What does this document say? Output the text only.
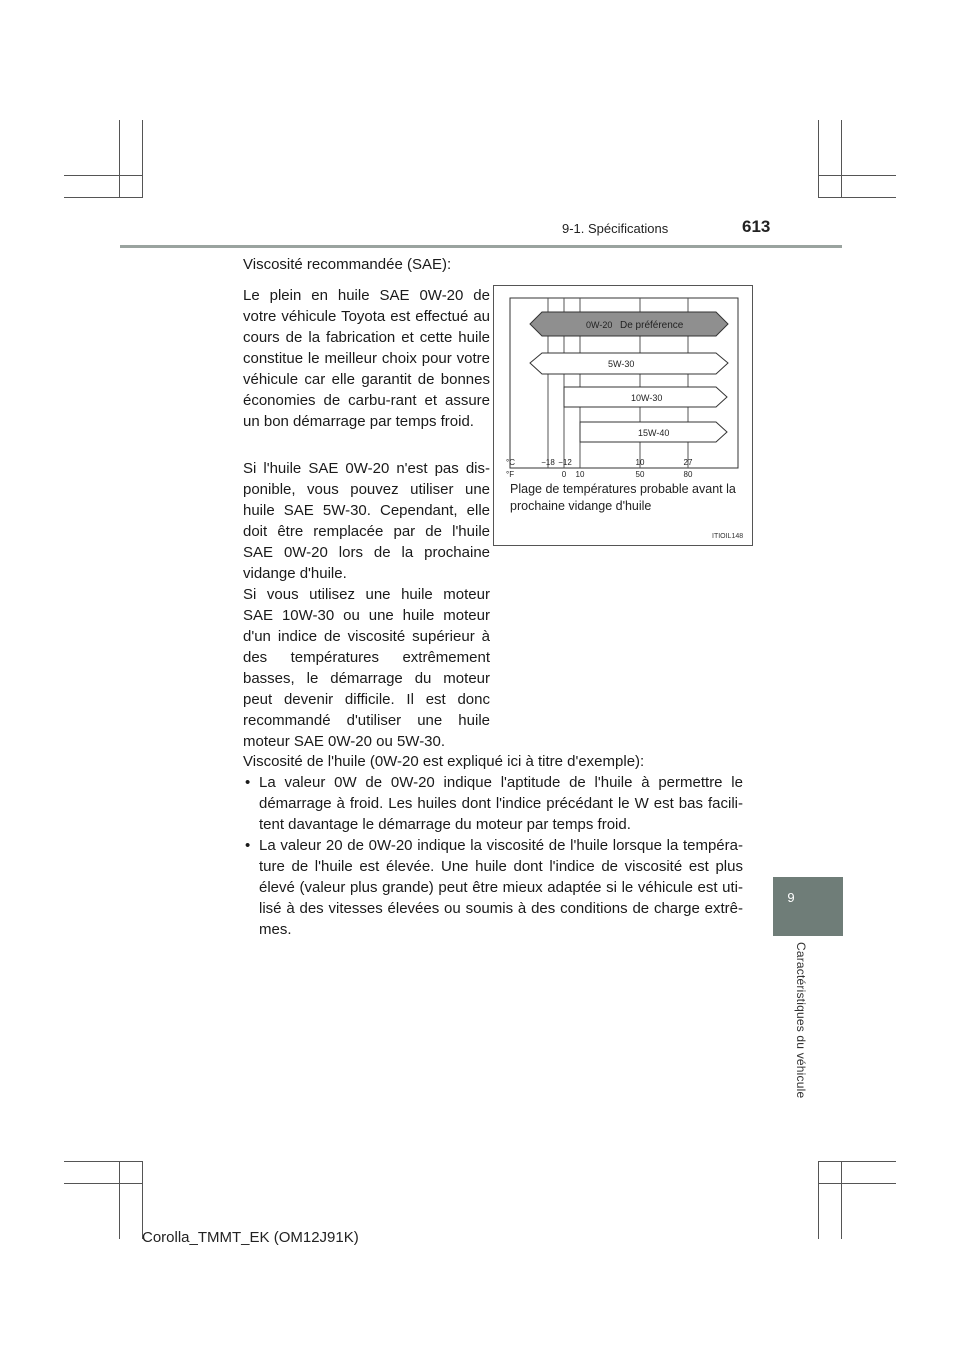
9-1. Spécifications	613
9
Caractéristiques du véhicule
Viscosité recommandée (SAE):
Le plein en huile SAE 0W-20 de votre véhicule Toyota est effectué au cours de la fabrication et cette huile constitue le meilleur choix pour votre véhicule car elle garantit de bonnes économies de carbu-rant et assure un bon démarrage par temps froid.
Si l'huile SAE 0W-20 n'est pas dis-ponible, vous pouvez utiliser une huile SAE 5W-30. Cependant, elle doit être remplacée par de l'huile SAE 0W-20 lors de la prochaine vidange d'huile.
Si vous utilisez une huile moteur SAE 10W-30 ou une huile moteur d'un indice de viscosité supérieur à des températures extrêmement basses, le démarrage du moteur peut devenir difficile. Il est donc recommandé d'utiliser une huile moteur SAE 0W-20 ou 5W-30.
Viscosité de l'huile (0W-20 est expliqué ici à titre d'exemple):
• La valeur 0W de 0W-20 indique l'aptitude de l'huile à permettre le démarrage à froid. Les huiles dont l'indice précédant le W est bas facili-tent davantage le démarrage du moteur par temps froid.
• La valeur 20 de 0W-20 indique la viscosité de l'huile lorsque la tempéra-ture de l'huile est élevée. Une huile dont l'indice de viscosité est plus élevé (valeur plus grande) peut être mieux adaptée si le véhicule est uti-lisé à des vitesses élevées ou soumis à des conditions de charge extrê-mes.
0W-20 De préférence
5W-30
10W-30
15W-40
°C
°F
−18 −12	10	27
0 10	50	80
Plage de températures probable avant la prochaine vidange d'huile
ITIOIL148
Corolla_TMMT_EK (OM12J91K)
